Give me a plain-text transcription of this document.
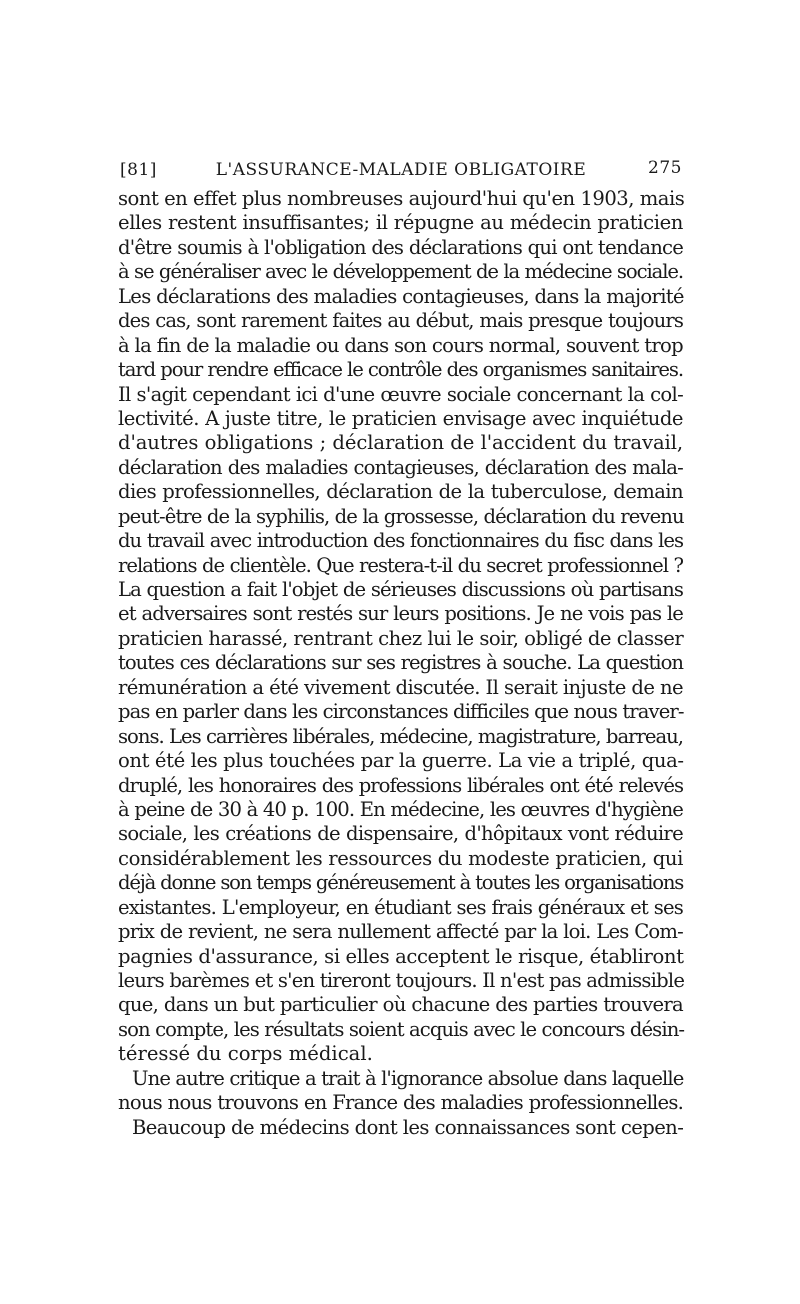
[81]	L'ASSURANCE-MALADIE OBLIGATOIRE	275
sont en effet plus nombreuses aujourd'hui qu'en 1903, mais
elles restent insuffisantes; il répugne au médecin praticien
d'être soumis à l'obligation des déclarations qui ont tendance
à se généraliser avec le développement de la médecine sociale.
Les déclarations des maladies contagieuses, dans la majorité
des cas, sont rarement faites au début, mais presque toujours
à la fin de la maladie ou dans son cours normal, souvent trop
tard pour rendre efficace le contrôle des organismes sanitaires.
Il s'agit cependant ici d'une œuvre sociale concernant la col-
lectivité. A juste titre, le praticien envisage avec inquiétude
d'autres obligations ; déclaration de l'accident du travail,
déclaration des maladies contagieuses, déclaration des mala-
dies professionnelles, déclaration de la tuberculose, demain
peut-être de la syphilis, de la grossesse, déclaration du revenu
du travail avec introduction des fonctionnaires du fisc dans les
relations de clientèle. Que restera-t-il du secret professionnel ?
La question a fait l'objet de sérieuses discussions où partisans
et adversaires sont restés sur leurs positions. Je ne vois pas le
praticien harassé, rentrant chez lui le soir, obligé de classer
toutes ces déclarations sur ses registres à souche. La question
rémunération a été vivement discutée. Il serait injuste de ne
pas en parler dans les circonstances difficiles que nous traver-
sons. Les carrières libérales, médecine, magistrature, barreau,
ont été les plus touchées par la guerre. La vie a triplé, qua-
druplé, les honoraires des professions libérales ont été relevés
à peine de 30 à 40 p. 100. En médecine, les œuvres d'hygiène
sociale, les créations de dispensaire, d'hôpitaux vont réduire
considérablement les ressources du modeste praticien, qui
déjà donne son temps généreusement à toutes les organisations
existantes. L'employeur, en étudiant ses frais généraux et ses
prix de revient, ne sera nullement affecté par la loi. Les Com-
pagnies d'assurance, si elles acceptent le risque, établiront
leurs barèmes et s'en tireront toujours. Il n'est pas admissible
que, dans un but particulier où chacune des parties trouvera
son compte, les résultats soient acquis avec le concours désin-
téressé du corps médical.
Une autre critique a trait à l'ignorance absolue dans laquelle
nous nous trouvons en France des maladies professionnelles.
Beaucoup de médecins dont les connaissances sont cepen-
